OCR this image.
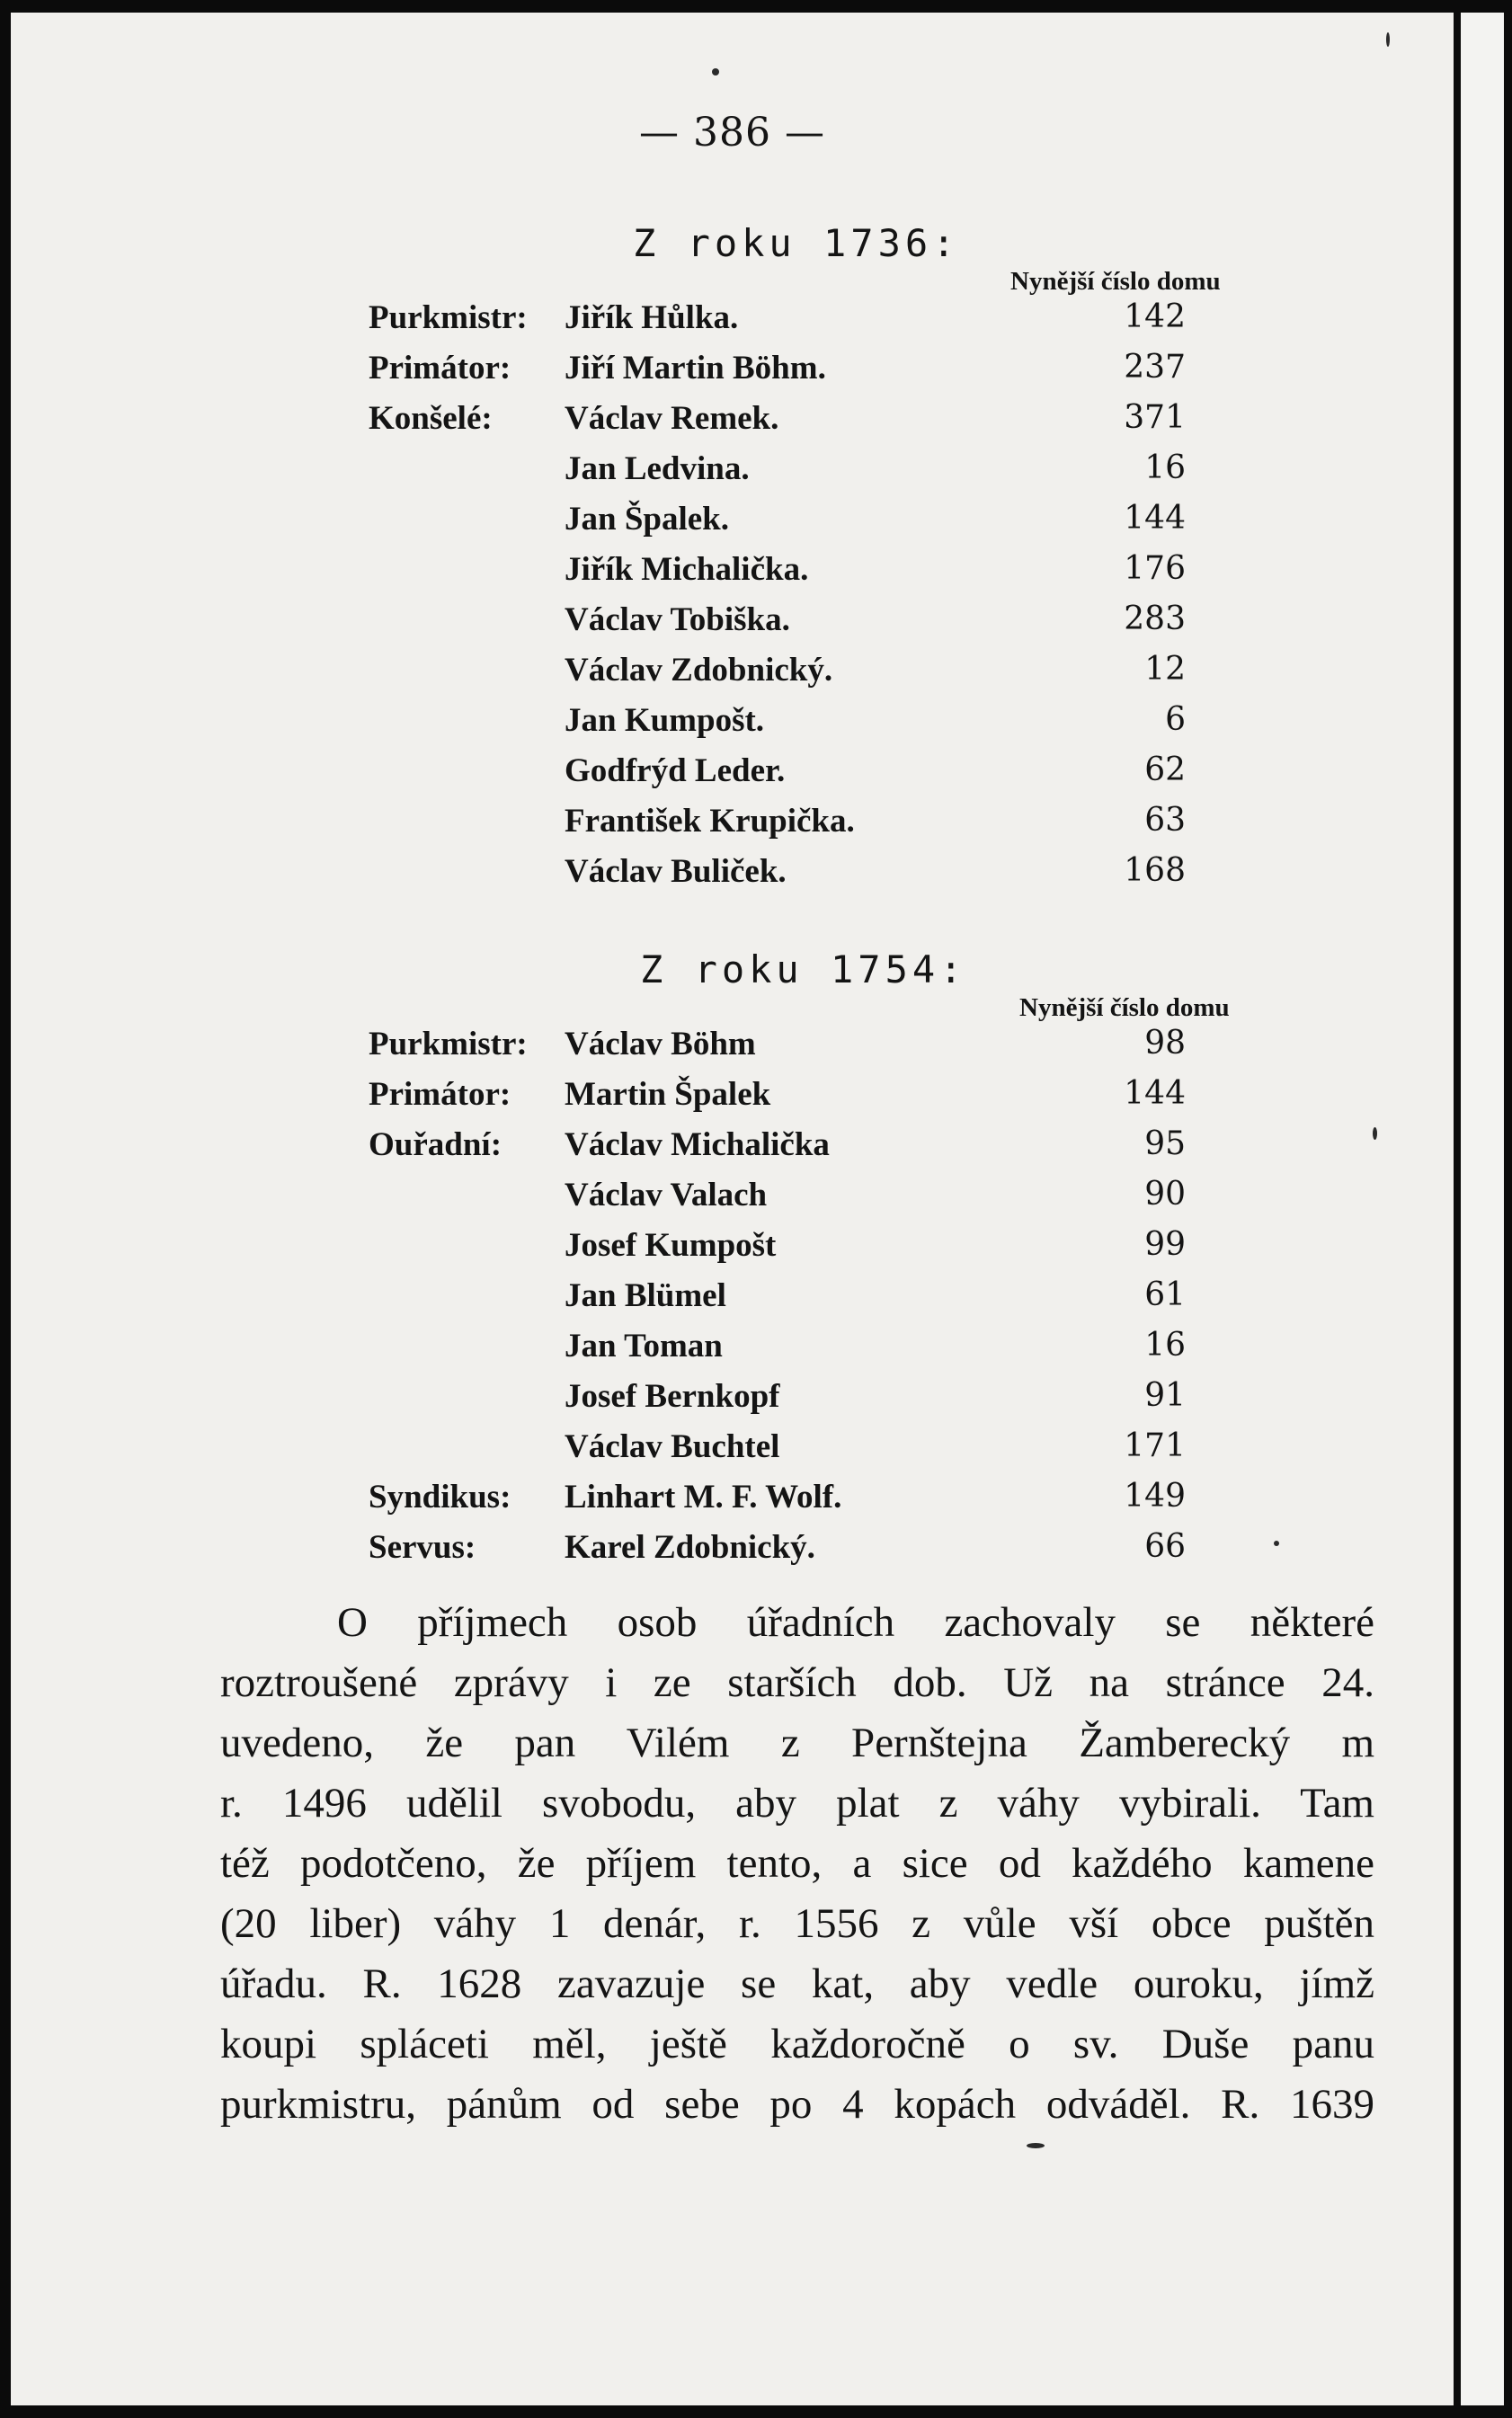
— 386 —
Z roku 1736:
Nynější číslo domu
Purkmistr: Jiřík Hůlka.	142
Primátor: Jiří Martin Böhm.	237
Konšelé: Václav Remek.	371
Jan Ledvina.	16
Jan Špalek.	144
Jiřík Michalička.	176
Václav Tobiška.	283
Václav Zdobnický.	12
Jan Kumpošt.	6
Godfrýd Leder.	62
František Krupička.	63
Václav Buliček.	168
Z roku 1754:
Nynější číslo domu
Purkmistr: Václav Böhm	98
Primátor: Martin Špalek	144
Ouřadní: Václav Michalička	95
Václav Valach	90
Josef Kumpošt	99
Jan Blümel	61
Jan Toman	16
Josef Bernkopf	91
Václav Buchtel	171
Syndikus: Linhart M. F. Wolf.	149
Servus:	Karel Zdobnický.	66
O příjmech osob úřadních zachovaly se některé
roztroušené zprávy i ze starších dob. Už na stránce 24.
uvedeno, že pan Vilém z Pernštejna Žamberecký m
r. 1496 udělil svobodu, aby plat z váhy vybirali. Tam
též podotčeno, že příjem tento, a sice od každého kamene
(20 liber) váhy 1 denár, r. 1556 z vůle vší obce puštěn
úřadu. R. 1628 zavazuje se kat, aby vedle ouroku, jímž
koupi spláceti měl, ještě každoročně o sv. Duše panu
purkmistru, pánům od sebe po 4 kopách odváděl. R. 1639
